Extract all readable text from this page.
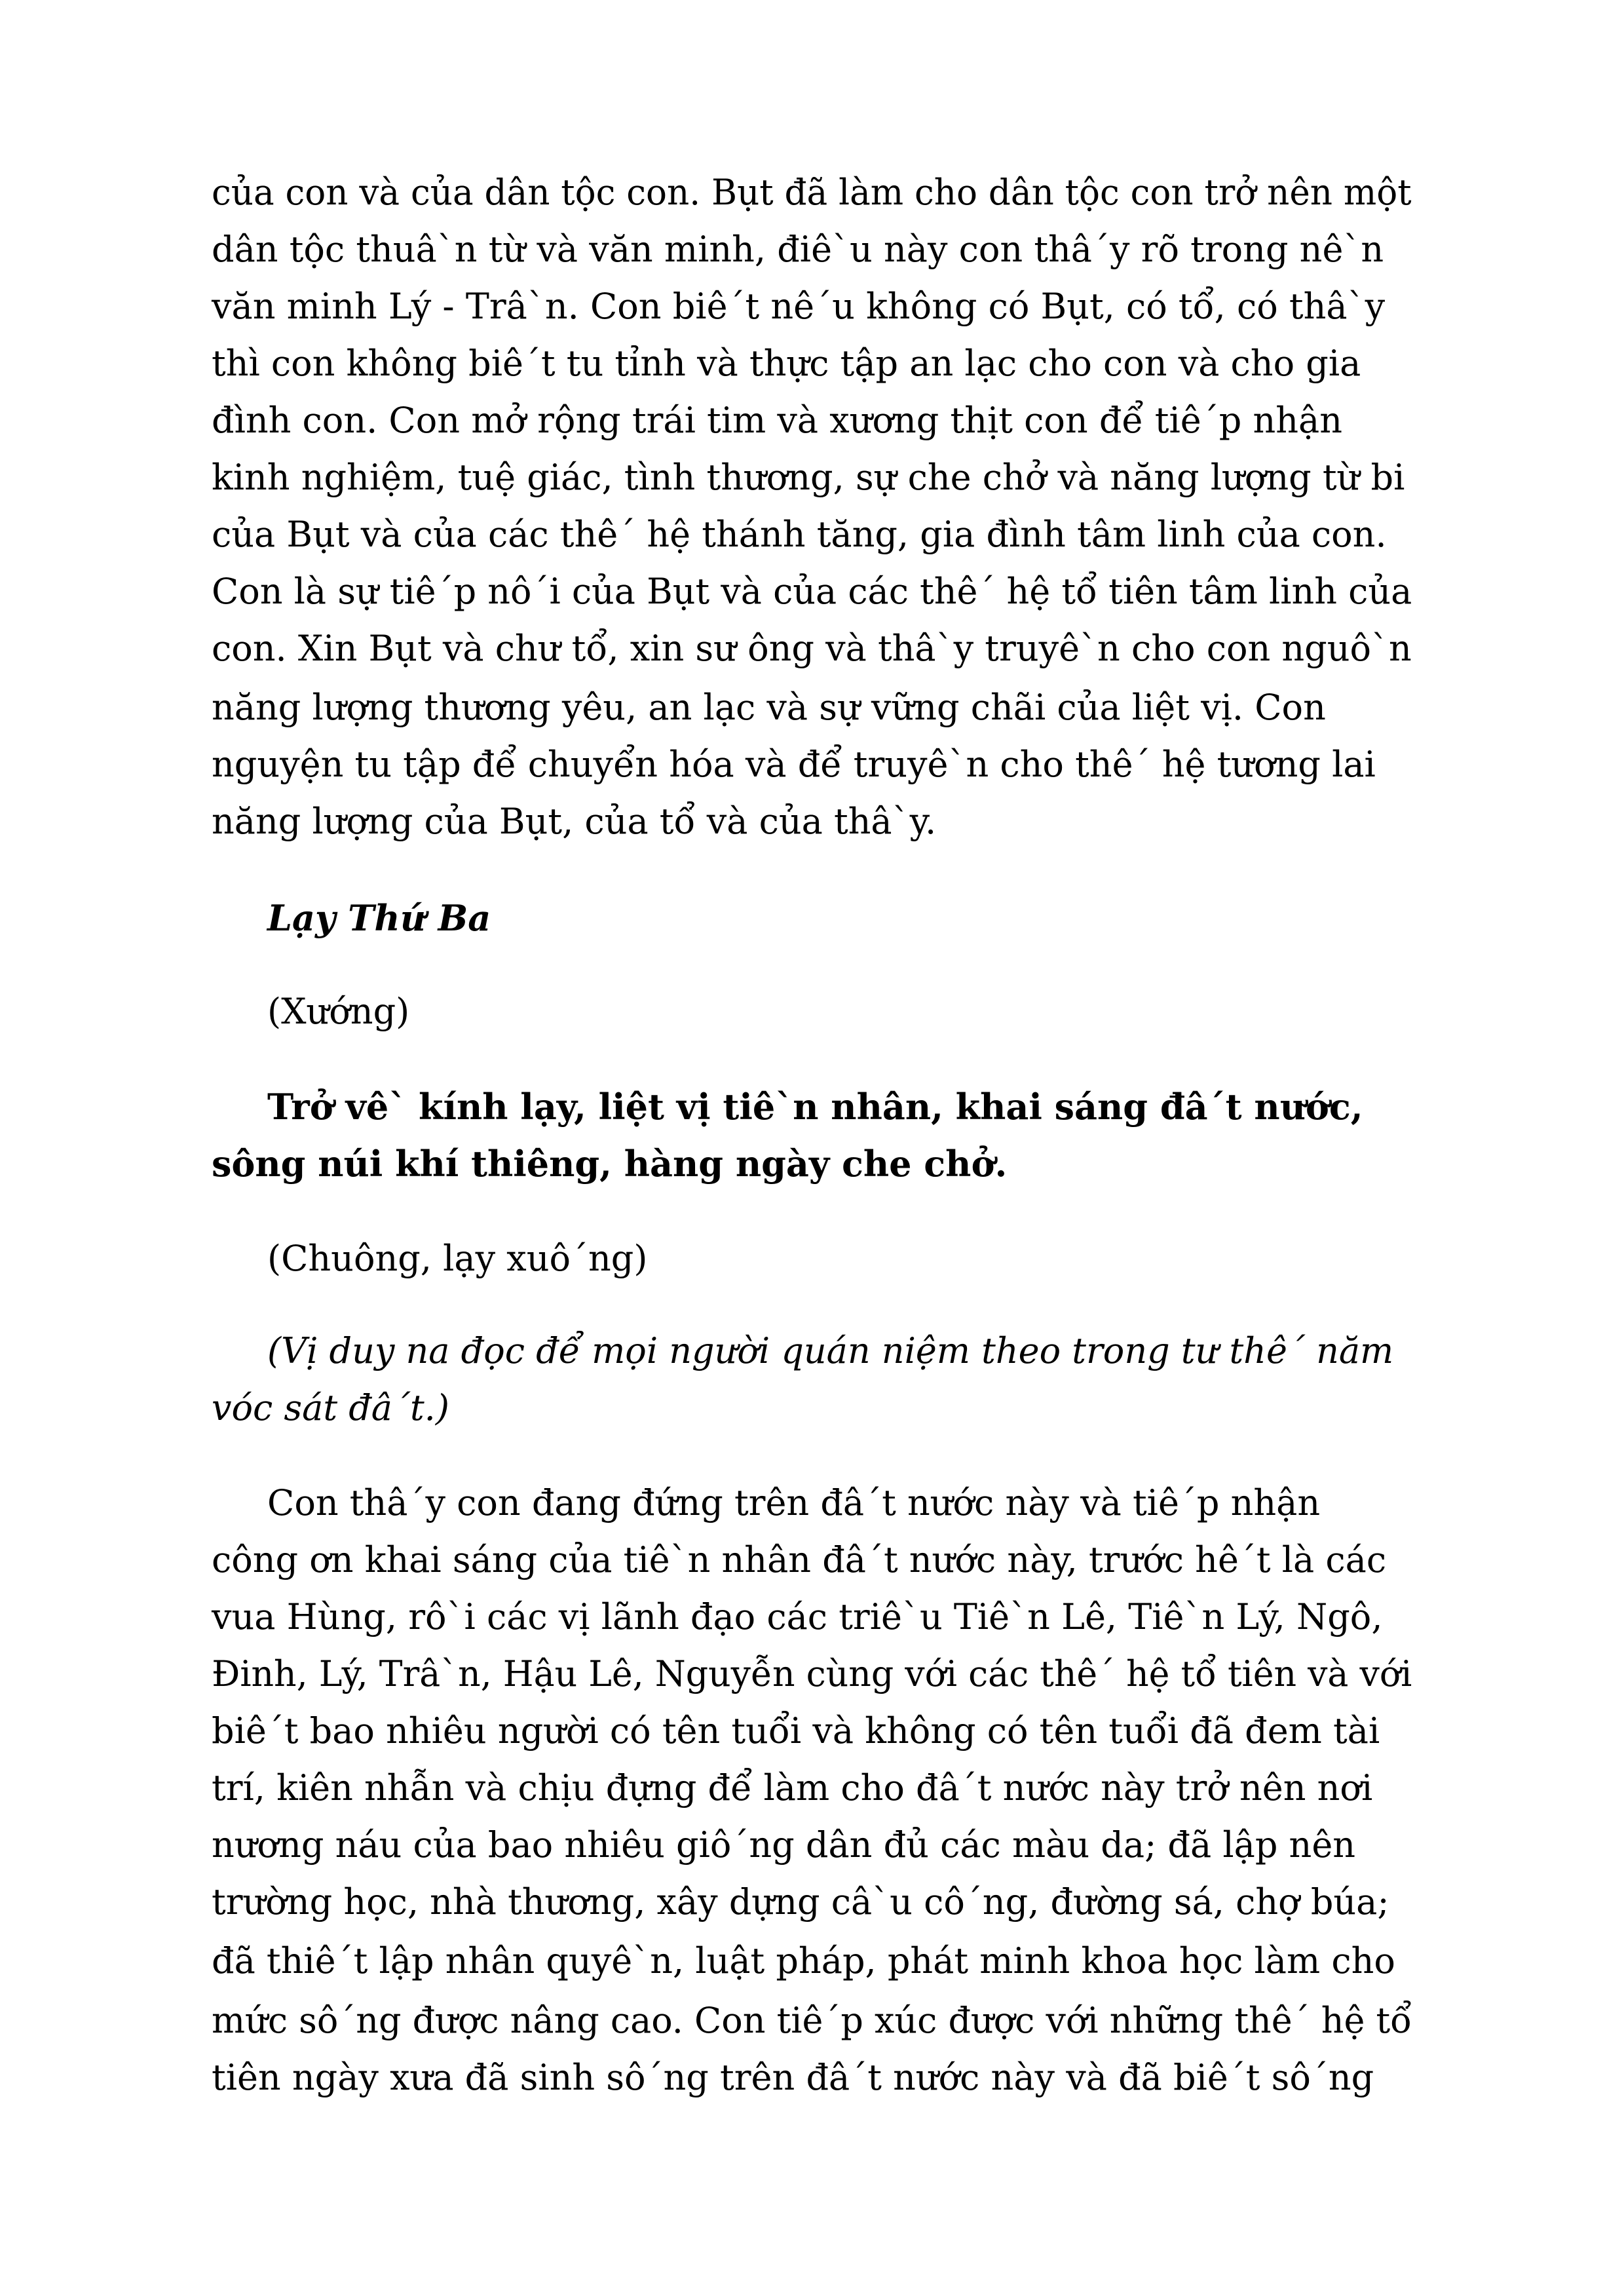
của con và của dân tộc con. Bụt đã làm cho dân tộc con trở nên một
dân tộc thuâ`n từ và văn minh, điê`u này con thâ´y rõ trong nê`n
văn minh Lý - Trâ`n. Con biê´t nê´u không có Bụt, có tổ, có thâ`y
thì con không biê´t tu tỉnh và thực tập an lạc cho con và cho gia
đình con. Con mở rộng trái tim và xương thịt con để tiê´p nhận
kinh nghiệm, tuệ giác, tình thương, sự che chở và năng lượng từ bi
của Bụt và của các thê´ hệ thánh tăng, gia đình tâm linh của con.
Con là sự tiê´p nô´i của Bụt và của các thê´ hệ tổ tiên tâm linh của
con. Xin Bụt và chư tổ, xin sư ông và thâ`y truyê`n cho con nguô`n
năng lượng thương yêu, an lạc và sự vững chãi của liệt vị. Con
nguyện tu tập để chuyển hóa và để truyê`n cho thê´ hệ tương lai
năng lượng của Bụt, của tổ và của thâ`y.
Lạy Thứ Ba
(Xướng)
Trở vê` kính lạy, liệt vị tiê`n nhân, khai sáng đâ´t nước,
sông núi khí thiêng, hàng ngày che chở.
(Chuông, lạy xuô´ng)
(Vị duy na đọc để mọi người quán niệm theo trong tư thê´ năm
vóc sát đâ´t.)
Con thâ´y con đang đứng trên đâ´t nước này và tiê´p nhận
công ơn khai sáng của tiê`n nhân đâ´t nước này, trước hê´t là các
vua Hùng, rô`i các vị lãnh đạo các triê`u Tiê`n Lê, Tiê`n Lý, Ngô,
Đinh, Lý, Trâ`n, Hậu Lê, Nguyễn cùng với các thê´ hệ tổ tiên và với
biê´t bao nhiêu người có tên tuổi và không có tên tuổi đã đem tài
trí, kiên nhẫn và chịu đựng để làm cho đâ´t nước này trở nên nơi
nương náu của bao nhiêu giô´ng dân đủ các màu da; đã lập nên
trường học, nhà thương, xây dựng câ`u cô´ng, đường sá, chợ búa;
đã thiê´t lập nhân quyê`n, luật pháp, phát minh khoa học làm cho
mức sô´ng được nâng cao. Con tiê´p xúc được với những thê´ hệ tổ
tiên ngày xưa đã sinh sô´ng trên đâ´t nước này và đã biê´t sô´ng
